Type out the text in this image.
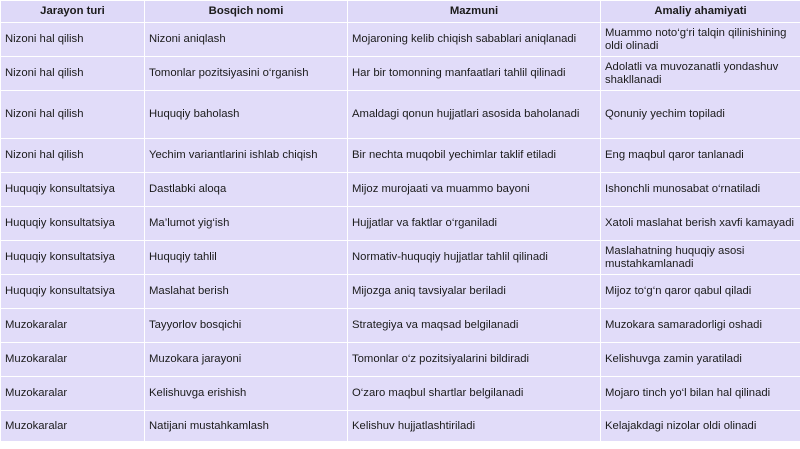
Jarayon turi	Bosqich nomi	Mazmuni	Amaliy ahamiyati
Nizoni hal qilish	Nizoni aniqlash	Mojaroning kelib chiqish sabablari aniqlanadi	Muammo noto‘g‘ri talqin qilinishining oldi olinadi
Nizoni hal qilish	Tomonlar pozitsiyasini o‘rganish	Har bir tomonning manfaatlari tahlil qilinadi	Adolatli va muvozanatli yondashuv shakllanadi
Nizoni hal qilish	Huquqiy baholash	Amaldagi qonun hujjatlari asosida baholanadi	Qonuniy yechim topiladi
Nizoni hal qilish	Yechim variantlarini ishlab chiqish	Bir nechta muqobil yechimlar taklif etiladi	Eng maqbul qaror tanlanadi
Huquqiy konsultatsiya	Dastlabki aloqa	Mijoz murojaati va muammo bayoni	Ishonchli munosabat o‘rnatiladi
Huquqiy konsultatsiya	Ma’lumot yig‘ish	Hujjatlar va faktlar o‘rganiladi	Xatoli maslahat berish xavfi kamayadi
Huquqiy konsultatsiya	Huquqiy tahlil	Normativ-huquqiy hujjatlar tahlil qilinadi	Maslahatning huquqiy asosi mustahkamlanadi
Huquqiy konsultatsiya	Maslahat berish	Mijozga aniq tavsiyalar beriladi	Mijoz to‘g‘n qaror qabul qiladi
Muzokaralar	Tayyorlov bosqichi	Strategiya va maqsad belgilanadi	Muzokara samaradorligi oshadi
Muzokaralar	Muzokara jarayoni	Tomonlar o‘z pozitsiyalarini bildiradi	Kelishuvga zamin yaratiladi
Muzokaralar	Kelishuvga erishish	O‘zaro maqbul shartlar belgilanadi	Mojaro tinch yo‘l bilan hal qilinadi
Muzokaralar	Natijani mustahkamlash	Kelishuv hujjatlashtiriladi	Kelajakdagi nizolar oldi olinadi
